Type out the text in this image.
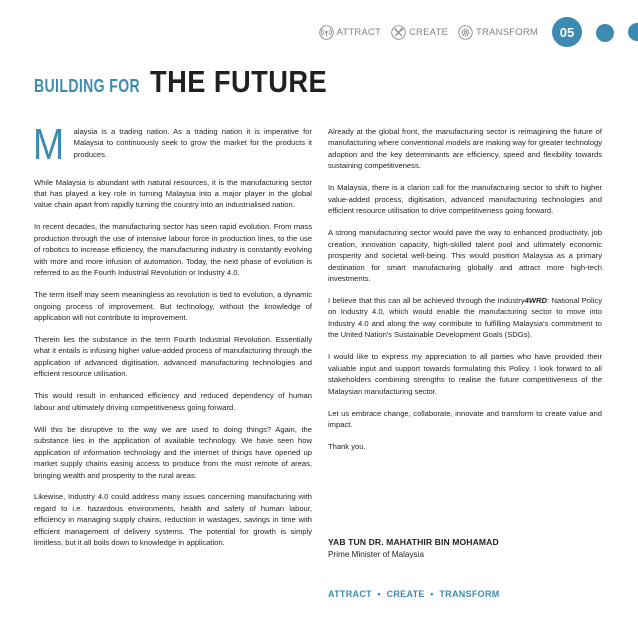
ATTRACT	CREATE	TRANSFORM	05
BUILDING FOR THE FUTURE

M alaysia is a trading nation. As a trading nation it is imperative for Malaysia to continuously seek to grow the market for the products it produces.

While Malaysia is abundant with natural resources, it is the manufacturing sector that has played a key role in turning Malaysia into a major player in the global value chain apart from rapidly turning the country into an industrialised nation.

In recent decades, the manufacturing sector has seen rapid evolution. From mass production through the use of intensive labour force in production lines, to the use of robotics to increase efficiency, the manufacturing industry is constantly evolving with more and more infusion of automation. Today, the next phase of evolution is referred to as the Fourth Industrial Revolution or Industry 4.0.

The term itself may seem meaningless as revolution is tied to evolution, a dynamic ongoing process of improvement. But technology, without the knowledge of application will not contribute to improvement.

Therein lies the substance in the term Fourth Industrial Revolution. Essentially what it entails is infusing higher value-added process of manufacturing through the application of advanced digitisation, advanced manufacturing technologies and efficient resource utilisation.

This would result in enhanced efficiency and reduced dependency of human labour and ultimately driving competitiveness going forward.

Will this be disruptive to the way we are used to doing things? Again, the substance lies in the application of available technology. We have seen how application of information technology and the internet of things have opened up market supply chains easing access to produce from the most remote of areas, bringing wealth and prosperity to the rural areas.

Likewise, Industry 4.0 could address many issues concerning manufacturing with regard to i.e. hazardous environments, health and safety of human labour, efficiency in managing supply chains, reduction in wastages, savings in time with efficient management of delivery systems. The potential for growth is simply limitless, but it all boils down to knowledge in application.

Already at the global front, the manufacturing sector is reimagining the future of manufacturing where conventional models are making way for greater technology adoption and the key determinants are efficiency, speed and flexibility towards sustaining competitiveness.

In Malaysia, there is a clarion call for the manufacturing sector to shift to higher value-added process, digitisation, advanced manufacturing technologies and efficient resource utilisation to drive competitiveness going forward.

A strong manufacturing sector would pave the way to enhanced productivity, job creation, innovation capacity, high-skilled talent pool and ultimately economic prosperity and societal well-being. This would position Malaysia as a primary destination for smart manufacturing globally and attract more high-tech investments.

I believe that this can all be achieved through the Industry4WRD: National Policy on Industry 4.0, which would enable the manufacturing sector to move into Industry 4.0 and along the way contribute to fulfilling Malaysia's commitment to the United Nation's Sustainable Development Goals (SDGs).

I would like to express my appreciation to all parties who have provided their valuable input and support towards formulating this Policy. I look forward to all stakeholders combining strengths to realise the future competitiveness of the Malaysian manufacturing sector.

Let us embrace change, collaborate, innovate and transform to create value and impact.

Thank you.

YAB TUN DR. MAHATHIR BIN MOHAMAD
Prime Minister of Malaysia
ATTRACT  •  CREATE  •  TRANSFORM
